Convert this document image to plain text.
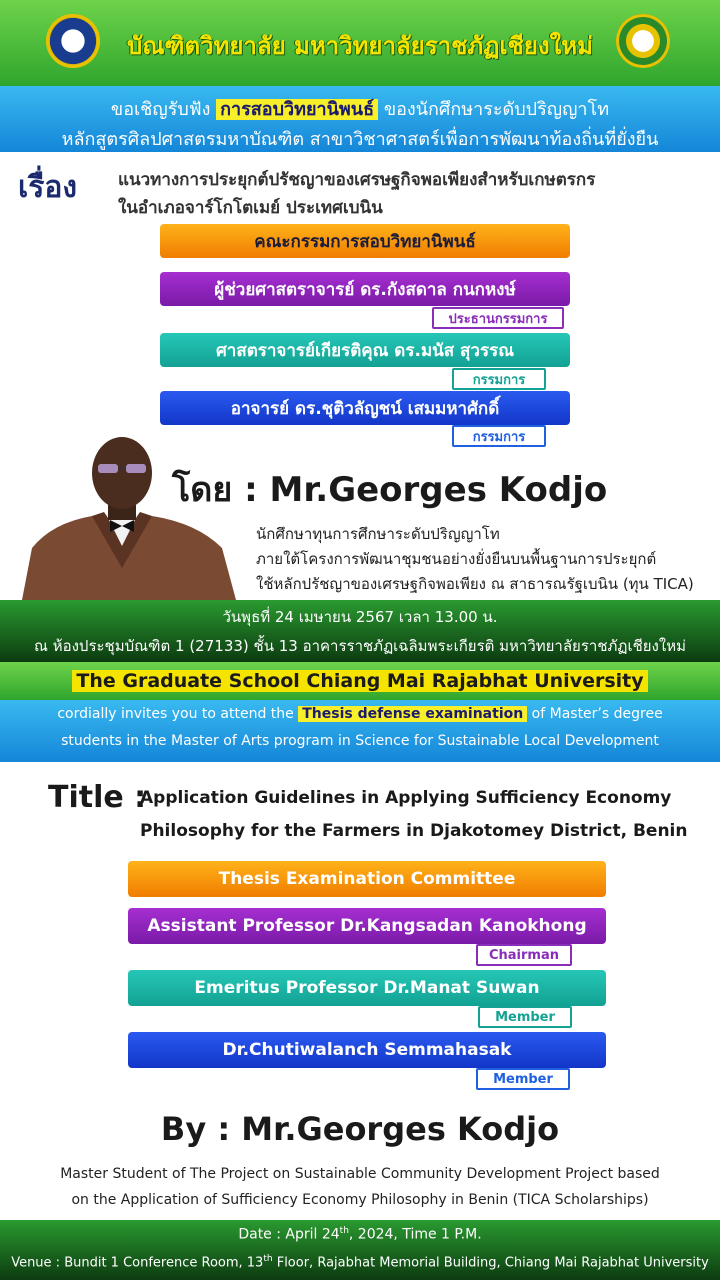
บัณฑิตวิทยาลัย มหาวิทยาลัยราชภัฏเชียงใหม่
ขอเชิญรับฟัง การสอบวิทยานิพนธ์ ของนักศึกษาระดับปริญญาโท
หลักสูตรศิลปศาสตรมหาบัณฑิต สาขาวิชาศาสตร์เพื่อการพัฒนาท้องถิ่นที่ยั่งยืน
เรื่อง แนวทางการประยุกต์ปรัชญาของเศรษฐกิจพอเพียงสำหรับเกษตรกร
ในอำเภอจาร์โกโตเมย์ ประเทศเบนิน
คณะกรรมการสอบวิทยานิพนธ์
ผู้ช่วยศาสตราจารย์ ดร.กังสดาล กนกหงษ์
ประธานกรรมการ
ศาสตราจารย์เกียรติคุณ ดร.มนัส สุวรรณ
กรรมการ
อาจารย์ ดร.ชุติวลัญชน์ เสมมหาศักดิ์
กรรมการ
โดย : Mr.Georges Kodjo
นักศึกษาทุนการศึกษาระดับปริญญาโท
ภายใต้โครงการพัฒนาชุมชนอย่างยั่งยืนบนพื้นฐานการประยุกต์
ใช้หลักปรัชญาของเศรษฐกิจพอเพียง ณ สาธารณรัฐเบนิน (ทุน TICA)
วันพุธที่ 24 เมษายน 2567 เวลา 13.00 น.
ณ ห้องประชุมบัณฑิต 1 (27133) ชั้น 13 อาคารราชภัฏเฉลิมพระเกียรติ มหาวิทยาลัยราชภัฏเชียงใหม่
The Graduate School Chiang Mai Rajabhat University
cordially invites you to attend the Thesis defense examination of Master’s degree
students in the Master of Arts program in Science for Sustainable Local Development
Title :
Application Guidelines in Applying Sufficiency Economy
Philosophy for the Farmers in Djakotomey District, Benin
Thesis Examination Committee
Assistant Professor Dr.Kangsadan Kanokhong
Chairman
Emeritus Professor Dr.Manat Suwan
Member
Dr.Chutiwalanch Semmahasak
Member
By : Mr.Georges Kodjo
Master Student of The Project on Sustainable Community Development Project based
on the Application of Sufficiency Economy Philosophy in Benin (TICA Scholarships)
Date : April 24th, 2024, Time 1 P.M.
Venue : Bundit 1 Conference Room, 13th Floor, Rajabhat Memorial Building, Chiang Mai Rajabhat University
